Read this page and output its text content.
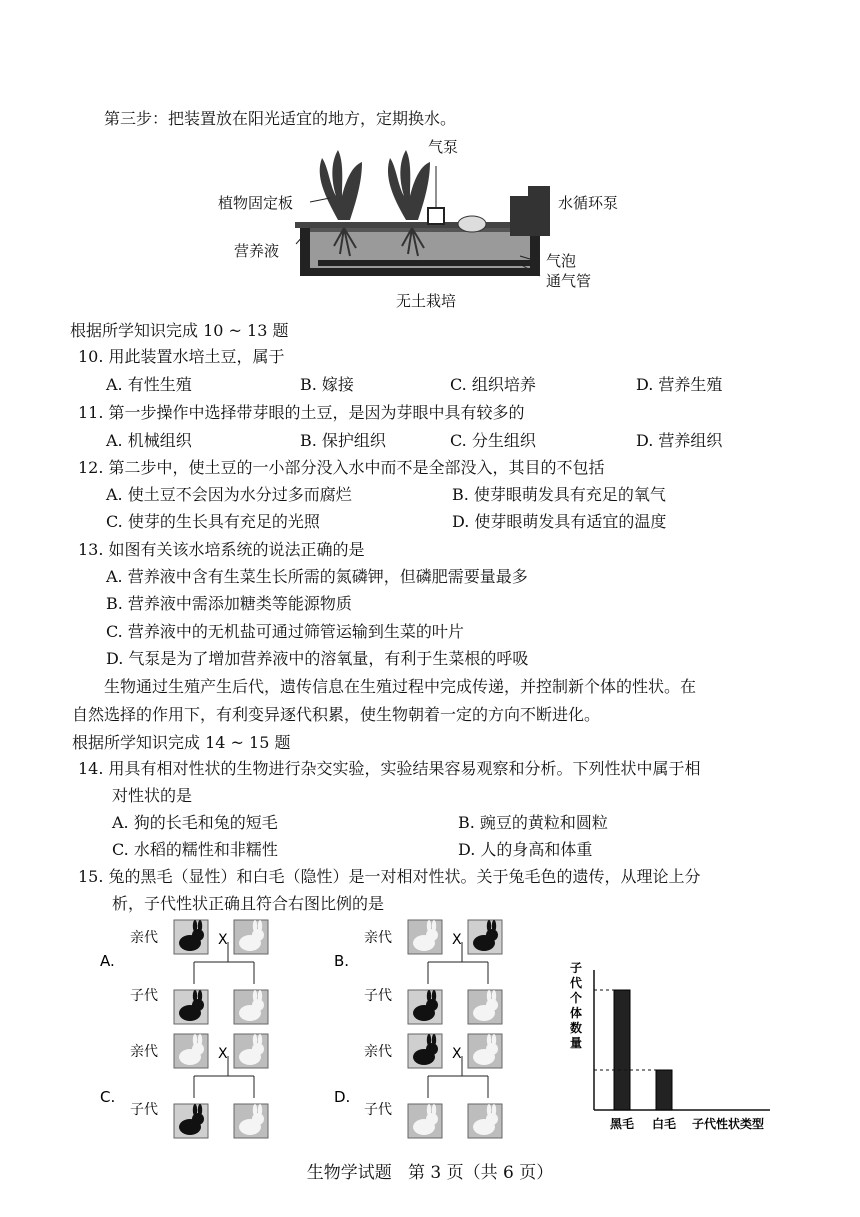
第三步：把装置放在阳光适宜的地方，定期换水。
气泵
植物固定板	水循环泵
营养液
气泡
通气管
无土栽培
根据所学知识完成 10 ~ 13 题
10. 用此装置水培土豆，属于
A. 有性生殖	B. 嫁接	C. 组织培养	D. 营养生殖
11. 第一步操作中选择带芽眼的土豆，是因为芽眼中具有较多的
A. 机械组织	B. 保护组织	C. 分生组织	D. 营养组织
12. 第二步中，使土豆的一小部分没入水中而不是全部没入，其目的不包括
A. 使土豆不会因为水分过多而腐烂	B. 使芽眼萌发具有充足的氧气
C. 使芽的生长具有充足的光照	D. 使芽眼萌发具有适宜的温度
13. 如图有关该水培系统的说法正确的是
A. 营养液中含有生菜生长所需的氮磷钾，但磷肥需要量最多
B. 营养液中需添加糖类等能源物质
C. 营养液中的无机盐可通过筛管运输到生菜的叶片
D. 气泵是为了增加营养液中的溶氧量，有利于生菜根的呼吸
生物通过生殖产生后代，遗传信息在生殖过程中完成传递，并控制新个体的性状。在
自然选择的作用下，有利变异逐代积累，使生物朝着一定的方向不断进化。
根据所学知识完成 14 ~ 15 题
14. 用具有相对性状的生物进行杂交实验，实验结果容易观察和分析。下列性状中属于相
对性状的是
A. 狗的长毛和兔的短毛	B. 豌豆的黄粒和圆粒
C. 水稻的糯性和非糯性	D. 人的身高和体重
15. 兔的黑毛（显性）和白毛（隐性）是一对相对性状。关于兔毛色的遗传，从理论上分
析，子代性状正确且符合右图比例的是
A.
亲代	X
子代
B.
亲代	X
子代
C.
亲代	X
子代
D.
亲代	X
子代
子
代
个
体
数
量
黑毛 白毛 子代性状类型
生物学试题   第 3 页（共 6 页）
